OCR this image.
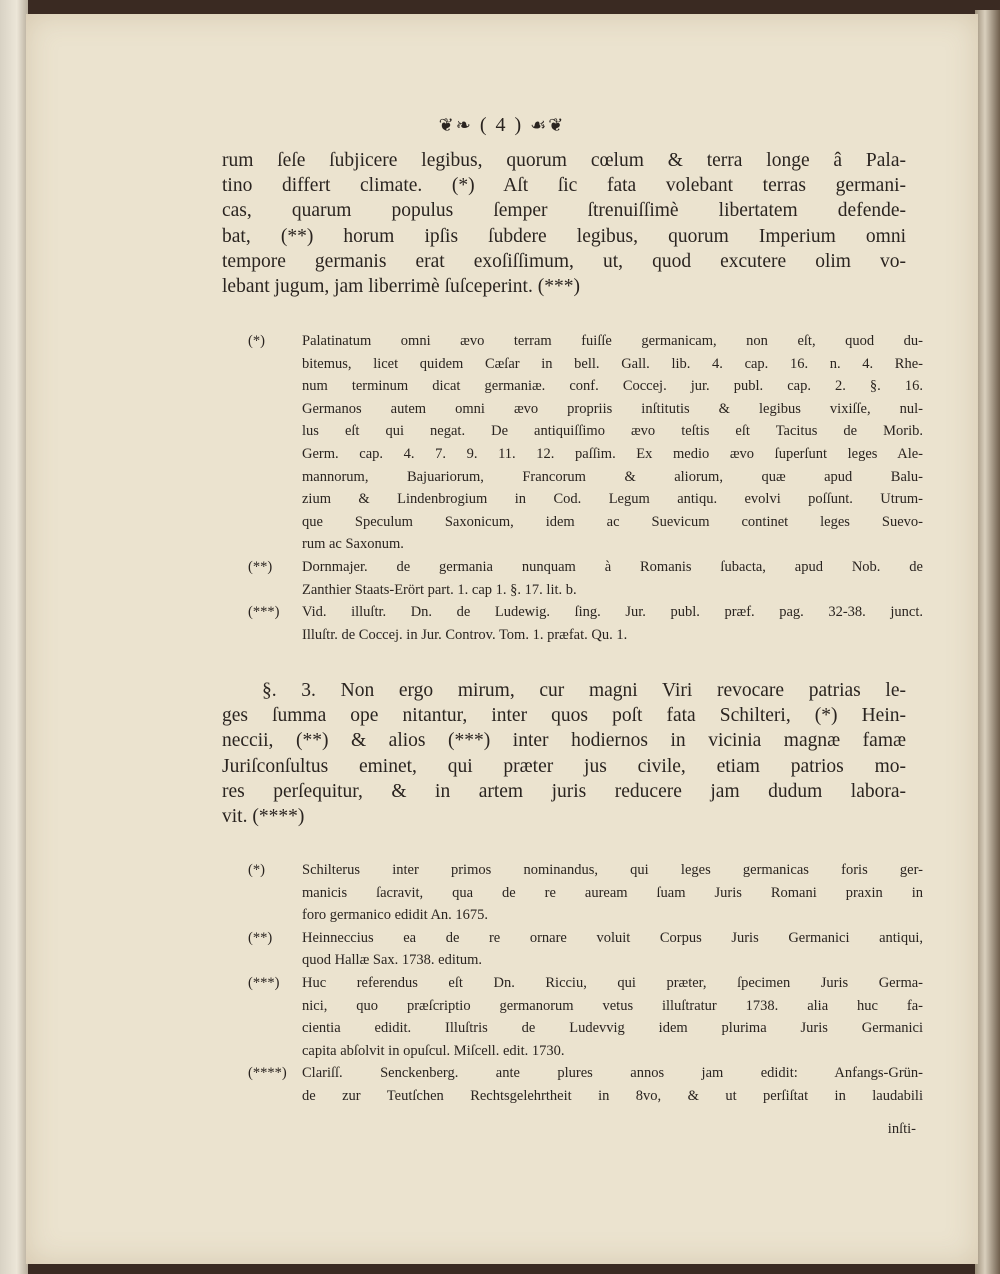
❦❧ ( 4 ) ☙❦
rum ſeſe ſubjicere legibus, quorum cœlum & terra longe â Pala-
tino differt climate. (*) Aſt ſic fata volebant terras germani-
cas, quarum populus ſemper ſtrenuiſſimè libertatem defende-
bat, (**) horum ipſis ſubdere legibus, quorum Imperium omni
tempore germanis erat exoſiſſimum, ut, quod excutere olim vo-
lebant jugum, jam liberrimè ſuſceperint. (***)
(*)	Palatinatum omni ævo terram fuiſſe germanicam, non eſt, quod du-
bitemus, licet quidem Cæſar in bell. Gall. lib. 4. cap. 16. n. 4. Rhe-
num terminum dicat germaniæ. conf. Coccej. jur. publ. cap. 2. §. 16.
Germanos autem omni ævo propriis inſtitutis & legibus vixiſſe, nul-
lus eſt qui negat. De antiquiſſimo ævo teſtis eſt Tacitus de Morib.
Germ. cap. 4. 7. 9. 11. 12. paſſim. Ex medio ævo ſuperſunt leges Ale-
mannorum, Bajuariorum, Francorum & aliorum, quæ apud Balu-
zium & Lindenbrogium in Cod. Legum antiqu. evolvi poſſunt. Utrum-
que Speculum Saxonicum, idem ac Suevicum continet leges Suevo-
rum ac Saxonum.
(**)	Dornmajer. de germania nunquam à Romanis ſubacta, apud Nob. de
Zanthier Staats-Erört part. 1. cap 1. §. 17. lit. b.
(***)	Vid. illuſtr. Dn. de Ludewig. ſing. Jur. publ. præf. pag. 32-38. junct.
Illuſtr. de Coccej. in Jur. Controv. Tom. 1. præfat. Qu. 1.
§. 3. Non ergo mirum, cur magni Viri revocare patrias le-
ges ſumma ope nitantur, inter quos poſt fata Schilteri, (*) Hein-
neccii, (**) & alios (***) inter hodiernos in vicinia magnæ famæ
Juriſconſultus eminet, qui præter jus civile, etiam patrios mo-
res perſequitur, & in artem juris reducere jam dudum labora-
vit. (****)
(*)	Schilterus inter primos nominandus, qui leges germanicas foris ger-
manicis ſacravit, qua de re auream ſuam Juris Romani praxin in
foro germanico edidit An. 1675.
(**)	Heinneccius ea de re ornare voluit Corpus Juris Germanici antiqui,
quod Hallæ Sax. 1738. editum.
(***)	Huc referendus eſt Dn. Ricciu, qui præter, ſpecimen Juris Germa-
nici, quo præſcriptio germanorum vetus illuſtratur 1738. alia huc fa-
cientia edidit. Illuſtris de Ludevvig idem plurima Juris Germanici
capita abſolvit in opuſcul. Miſcell. edit. 1730.
(****)	Clariſſ. Senckenberg. ante plures annos jam edidit: Anfangs-Grün-
de zur Teutſchen Rechtsgelehrtheit in 8vo, & ut perſiſtat in laudabili
inſti-
